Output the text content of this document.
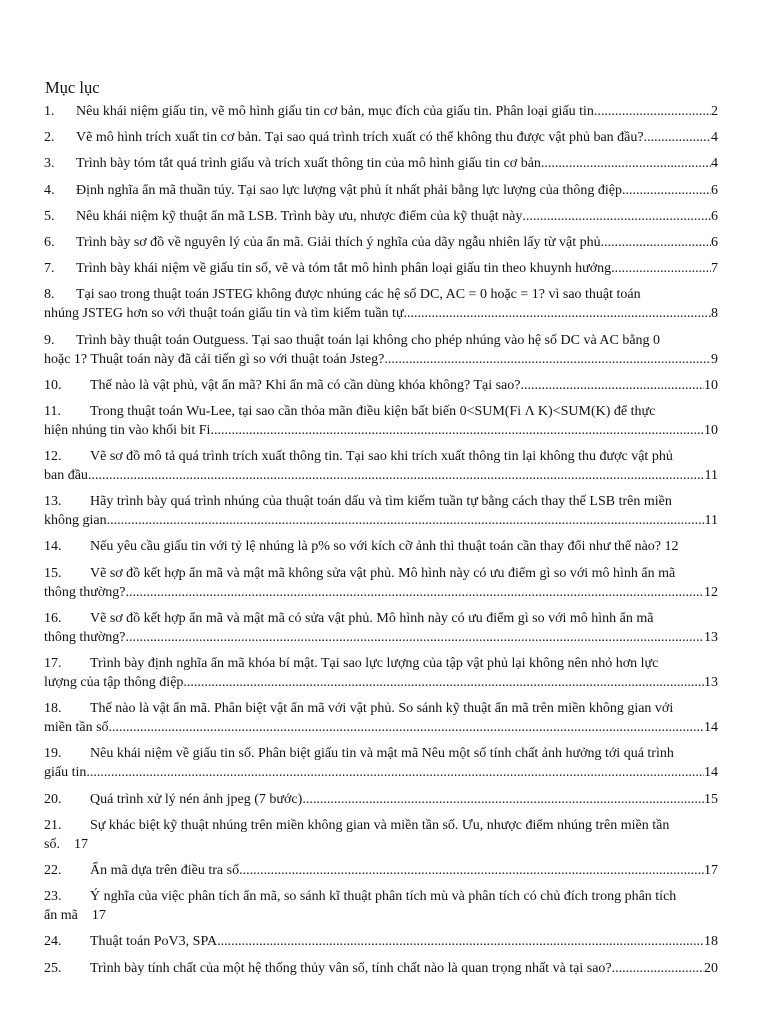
Mục lục
1.	Nêu khái niệm giấu tin, vẽ mô hình giấu tin cơ bản, mục đích của giấu tin. Phân loại giấu tin .....	2
2.	Vẽ mô hình trích xuất tin cơ bản. Tại sao quá trình trích xuất có thể không thu được vật phủ ban đầu? .....	4
3.	Trình bày tóm tắt quá trình giấu và trích xuất thông tin của mô hình giấu tin cơ bản .....	4
4.	Định nghĩa ẩn mã thuần túy. Tại sao lực lượng vật phủ ít nhất phải bằng lực lượng của thông điệp .....	6
5.	Nêu khái niệm kỹ thuật ẩn mã LSB. Trình bày ưu, nhược điểm của kỹ thuật này .....	6
6.	Trình bày sơ đồ về nguyên lý của ẩn mã. Giải thích ý nghĩa của dãy ngẫu nhiên lấy từ vật phủ .....	6
7.	Trình bày khái niệm về giấu tin số, vẽ và tóm tắt mô hình phân loại giấu tin theo khuynh hướng .....	7
8.	Tại sao trong thuật toán JSTEG không được nhúng các hệ số DC, AC = 0 hoặc = 1? vì sao thuật toán
nhúng JSTEG hơn so với thuật toán giấu tin và tìm kiếm tuần tự .....	8
9.	Trình bày thuật toán Outguess. Tại sao thuật toán lại không cho phép nhúng vào hệ số DC và AC bằng 0
hoặc 1? Thuật toán này đã cải tiến gì so với thuật toán Jsteg? .....	9
10.	Thế nào là vật phủ, vật ẩn mã? Khi ẩn mã có cần dùng khóa không? Tại sao? .....	10
11.	Trong thuật toán Wu-Lee, tại sao cần thỏa mãn điều kiện bất biến 0<SUM(Fi Λ K)<SUM(K) để thực
hiện nhúng tin vào khối bit Fi .....	10
12.	Vẽ sơ đồ mô tả quá trình trích xuất thông tin. Tại sao khi trích xuất thông tin lại không thu được vật phủ
ban đầu .....	11
13.	Hãy trình bày quá trình nhúng của thuật toán dấu và tìm kiếm tuần tự bằng cách thay thế LSB trên miền
không gian .....	11
14.	Nếu yêu cầu giấu tin với tỷ lệ nhúng là p% so với kích cỡ ảnh thì thuật toán cần thay đổi như thế nào? 12
15.	Vẽ sơ đồ kết hợp ẩn mã và mật mã không sửa vật phủ. Mô hình này có ưu điểm gì so với mô hình ẩn mã
thông thường? .....	12
16.	Vẽ sơ đồ kết hợp ẩn mã và mật mã có sửa vật phủ. Mô hình này có ưu điểm gì so với mô hình ẩn mã
thông thường? .....	13
17.	Trình bày định nghĩa ẩn mã khóa bí mật. Tại sao lực lượng của tập vật phủ lại không nên nhỏ hơn lực
lượng của tập thông điệp .....	13
18.	Thế nào là vật ẩn mã. Phân biệt vật ẩn mã với vật phủ. So sánh kỹ thuật ẩn mã trên miền không gian với
miền tần số .....	14
19.	Nêu khái niệm về giấu tin số. Phân biệt giấu tin và mật mã Nêu một số tính chất ảnh hưởng tới quá trình
giấu tin .....	14
20.	Quá trình xử lý nén ảnh jpeg (7 bước) .....	15
21.	Sự khác biệt kỹ thuật nhúng trên miền không gian và miền tần số. Ưu, nhược điểm nhúng trên miền tần
số. 17
22.	Ẩn mã dựa trên điều tra số .....	17
23.	Ý nghĩa của việc phân tích ẩn mã, so sánh kĩ thuật phân tích mù và phân tích có chủ đích trong phân tích
ẩn mã 17
24.	Thuật toán PoV3, SPA .....	18
25.	Trình bày tính chất của một hệ thống thủy vân số, tính chất nào là quan trọng nhất và tại sao? .....	20
